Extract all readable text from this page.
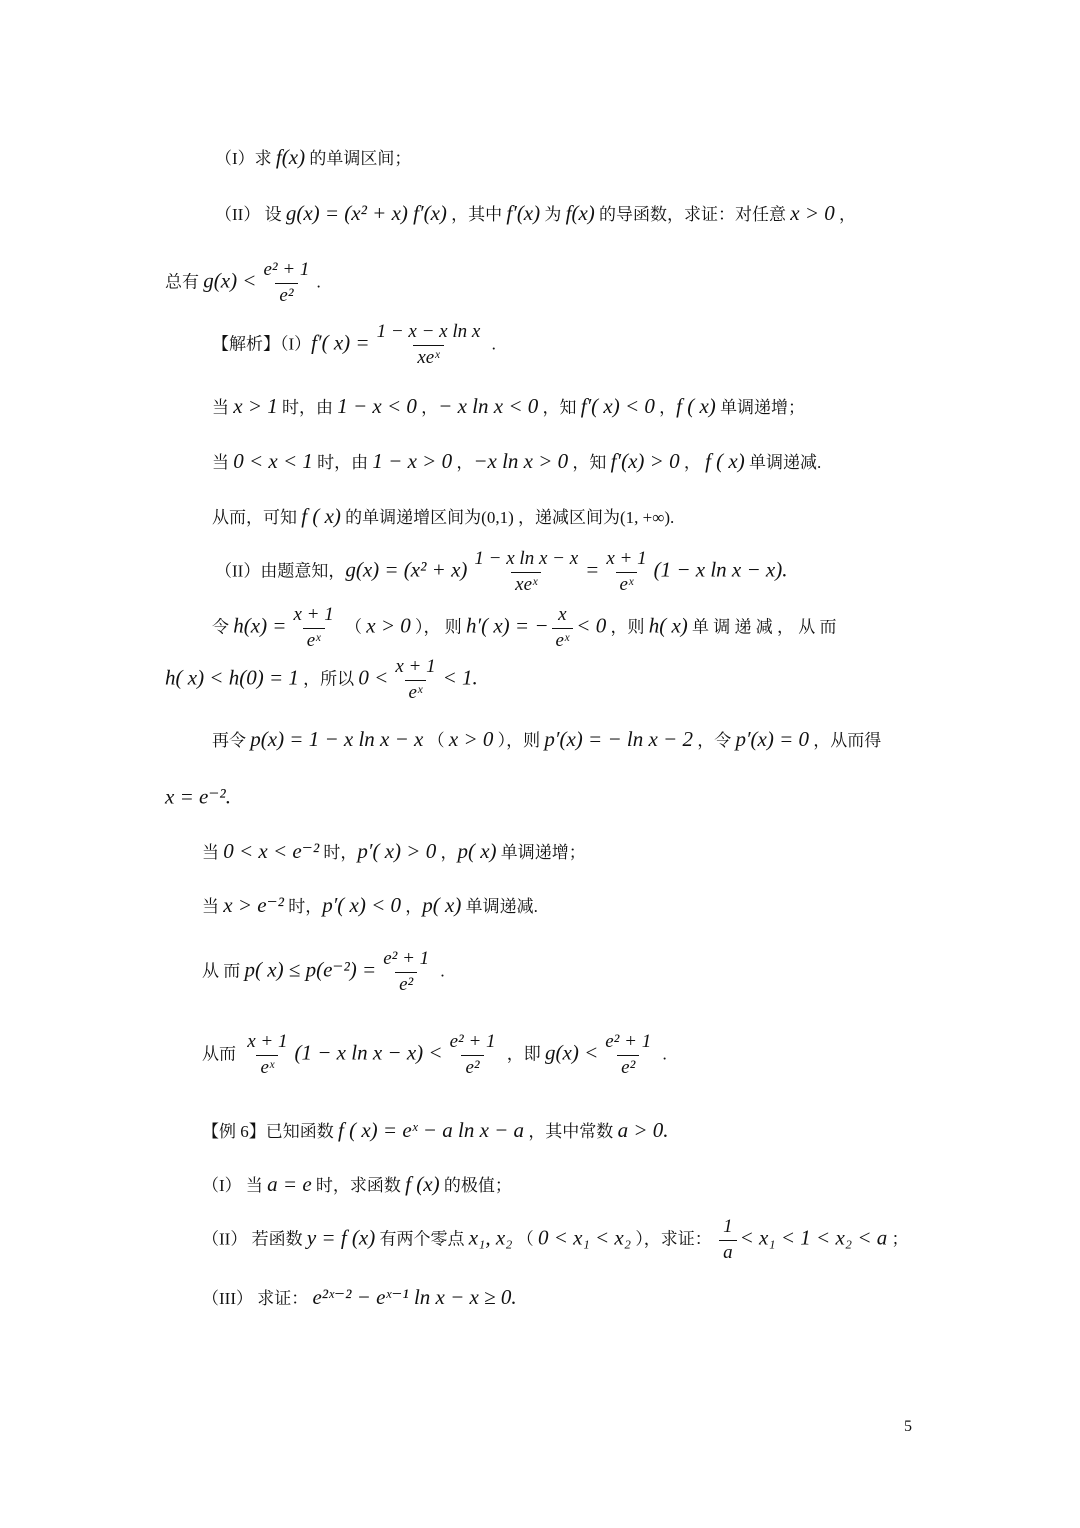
（I）求 f(x) 的单调区间；
（II） 设 g(x) = (x² + x) f′(x) ，其中 f′(x) 为 f(x) 的导函数，求证：对任意 x > 0 ，
总有 $g(x) < \frac{\text{e² + 1}}{\text{e²}}$ .
【解析】（I）f′( $x) = \frac{\text{1 − x − x ln x}}{\text{xeˣ}}$ .
当 x > 1 时，由 1 − x < 0 ，− x ln x < 0 ，知 f′( x) < 0 ，f ( x) 单调递增；
当 0 < x < 1 时，由 1 − x > 0 ，−x ln x > 0 ，知 f′(x) > 0 ， f ( x) 单调递减.
从而，可知 f ( x) 的单调递增区间为(0,1) ，递减区间为(1, +∞).
（II）由题意知，$g(x) = (x^2 + x) \frac{\text{1 − x ln x − x}}{\text{xeˣ}} = \frac{x + 1}{\text{eˣ}} (1 - x$ ln x − x).
令 $h(x) = \frac{x + 1}{\text{eˣ}}$ （ x > 0 ）， 则 h′( x) = − $\frac{x}{\text{eˣ}} < 0$ ，则 h( x) 单 调 递 减 ， 从 而
h( x) < h(0) = 1 ，所以 $0 < \frac{x + 1}{\text{eˣ}} < 1$.
再令 p(x) = 1 − x ln x − x （ x > 0 ），则 p′(x) = − ln x − 2 ，令 p′(x) = 0 ，从而得
x = e⁻².
当 0 < x < e⁻² 时，p′( x) > 0 ，p( x) 单调递增；
当 x > e⁻² 时，p′( x) < 0 ，p( x) 单调递减.
从 而 p( $x) \le p(e^{-2}) = \frac{\text{e² + 1}}{\text{e²}}$ .
从而 $\frac{x + 1}{\text{eˣ}} (1 - x$ $\ln x - x) < \frac{\text{e² + 1}}{\text{e²}}$ ，即 $g(x) < \frac{\text{e² + 1}}{\text{e²}}$ .
【例 6】已知函数 f ( x) = eˣ − a ln x − a ，其中常数 a > 0.
（I） 当 a = e 时，求函数 f (x) 的极值；
（II） 若函数 y = f (x) 有两个零点 x₁, x₂ （ 0 < x₁ < x₂ ），求证： $\frac{1}{a} < x_1 < 1 < x_2 < a$ ；
（III） 求证： e²ˣ⁻² − eˣ⁻¹ ln x − x ≥ 0.
5
